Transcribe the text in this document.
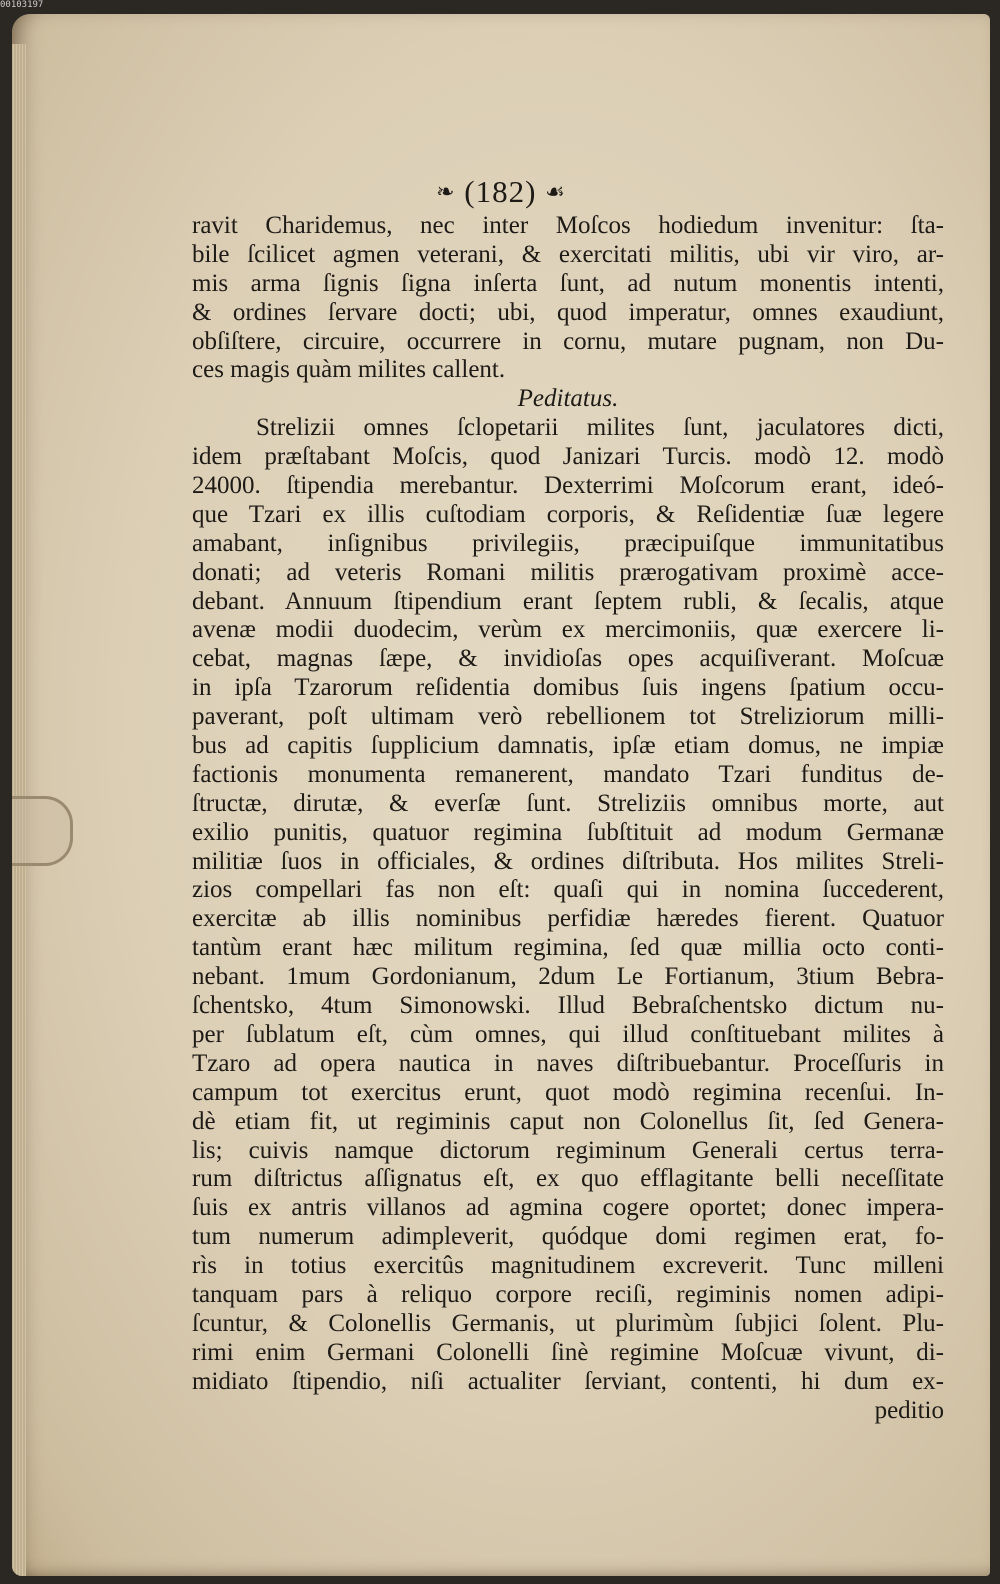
00103197
❧ (182) ☙
ravit Charidemus, nec inter Moſcos hodiedum invenitur: ſta-
bile ſcilicet agmen veterani, & exercitati militis, ubi vir viro, ar-
mis arma ſignis ſigna inſerta ſunt, ad nutum monentis intenti,
& ordines ſervare docti; ubi, quod imperatur, omnes exaudiunt,
obſiſtere, circuire, occurrere in cornu, mutare pugnam, non Du-
ces magis quàm milites callent.
Peditatus.
Strelizii omnes ſclopetarii milites ſunt, jaculatores dicti,
idem præſtabant Moſcis, quod Janizari Turcis. modò 12. modò
24000. ſtipendia merebantur. Dexterrimi Moſcorum erant, ideó-
que Tzari ex illis cuſtodiam corporis, & Reſidentiæ ſuæ legere
amabant, inſignibus privilegiis, præcipuiſque immunitatibus
donati; ad veteris Romani militis prærogativam proximè acce-
debant. Annuum ſtipendium erant ſeptem rubli, & ſecalis, atque
avenæ modii duodecim, verùm ex mercimoniis, quæ exercere li-
cebat, magnas ſæpe, & invidioſas opes acquiſiverant. Moſcuæ
in ipſa Tzarorum reſidentia domibus ſuis ingens ſpatium occu-
paverant, poſt ultimam verò rebellionem tot Streliziorum milli-
bus ad capitis ſupplicium damnatis, ipſæ etiam domus, ne impiæ
factionis monumenta remanerent, mandato Tzari funditus de-
ſtructæ, dirutæ, & everſæ ſunt. Streliziis omnibus morte, aut
exilio punitis, quatuor regimina ſubſtituit ad modum Germanæ
militiæ ſuos in officiales, & ordines diſtributa. Hos milites Streli-
zios compellari fas non eſt: quaſi qui in nomina ſuccederent,
exercitæ ab illis nominibus perfidiæ hæredes fierent. Quatuor
tantùm erant hæc militum regimina, ſed quæ millia octo conti-
nebant. 1mum Gordonianum, 2dum Le Fortianum, 3tium Bebra-
ſchentsko, 4tum Simonowski. Illud Bebraſchentsko dictum nu-
per ſublatum eſt, cùm omnes, qui illud conſtituebant milites à
Tzaro ad opera nautica in naves diſtribuebantur. Proceſſuris in
campum tot exercitus erunt, quot modò regimina recenſui. In-
dè etiam fit, ut regiminis caput non Colonellus ſit, ſed Genera-
lis; cuivis namque dictorum regiminum Generali certus terra-
rum diſtrictus aſſignatus eſt, ex quo efflagitante belli neceſſitate
ſuis ex antris villanos ad agmina cogere oportet; donec impera-
tum numerum adimpleverit, quódque domi regimen erat, fo-
rìs in totius exercitûs magnitudinem excreverit. Tunc milleni
tanquam pars à reliquo corpore reciſi, regiminis nomen adipi-
ſcuntur, & Colonellis Germanis, ut plurimùm ſubjici ſolent. Plu-
rimi enim Germani Colonelli ſinè regimine Moſcuæ vivunt, di-
midiato ſtipendio, niſi actualiter ſerviant, contenti, hi dum ex-
peditio
